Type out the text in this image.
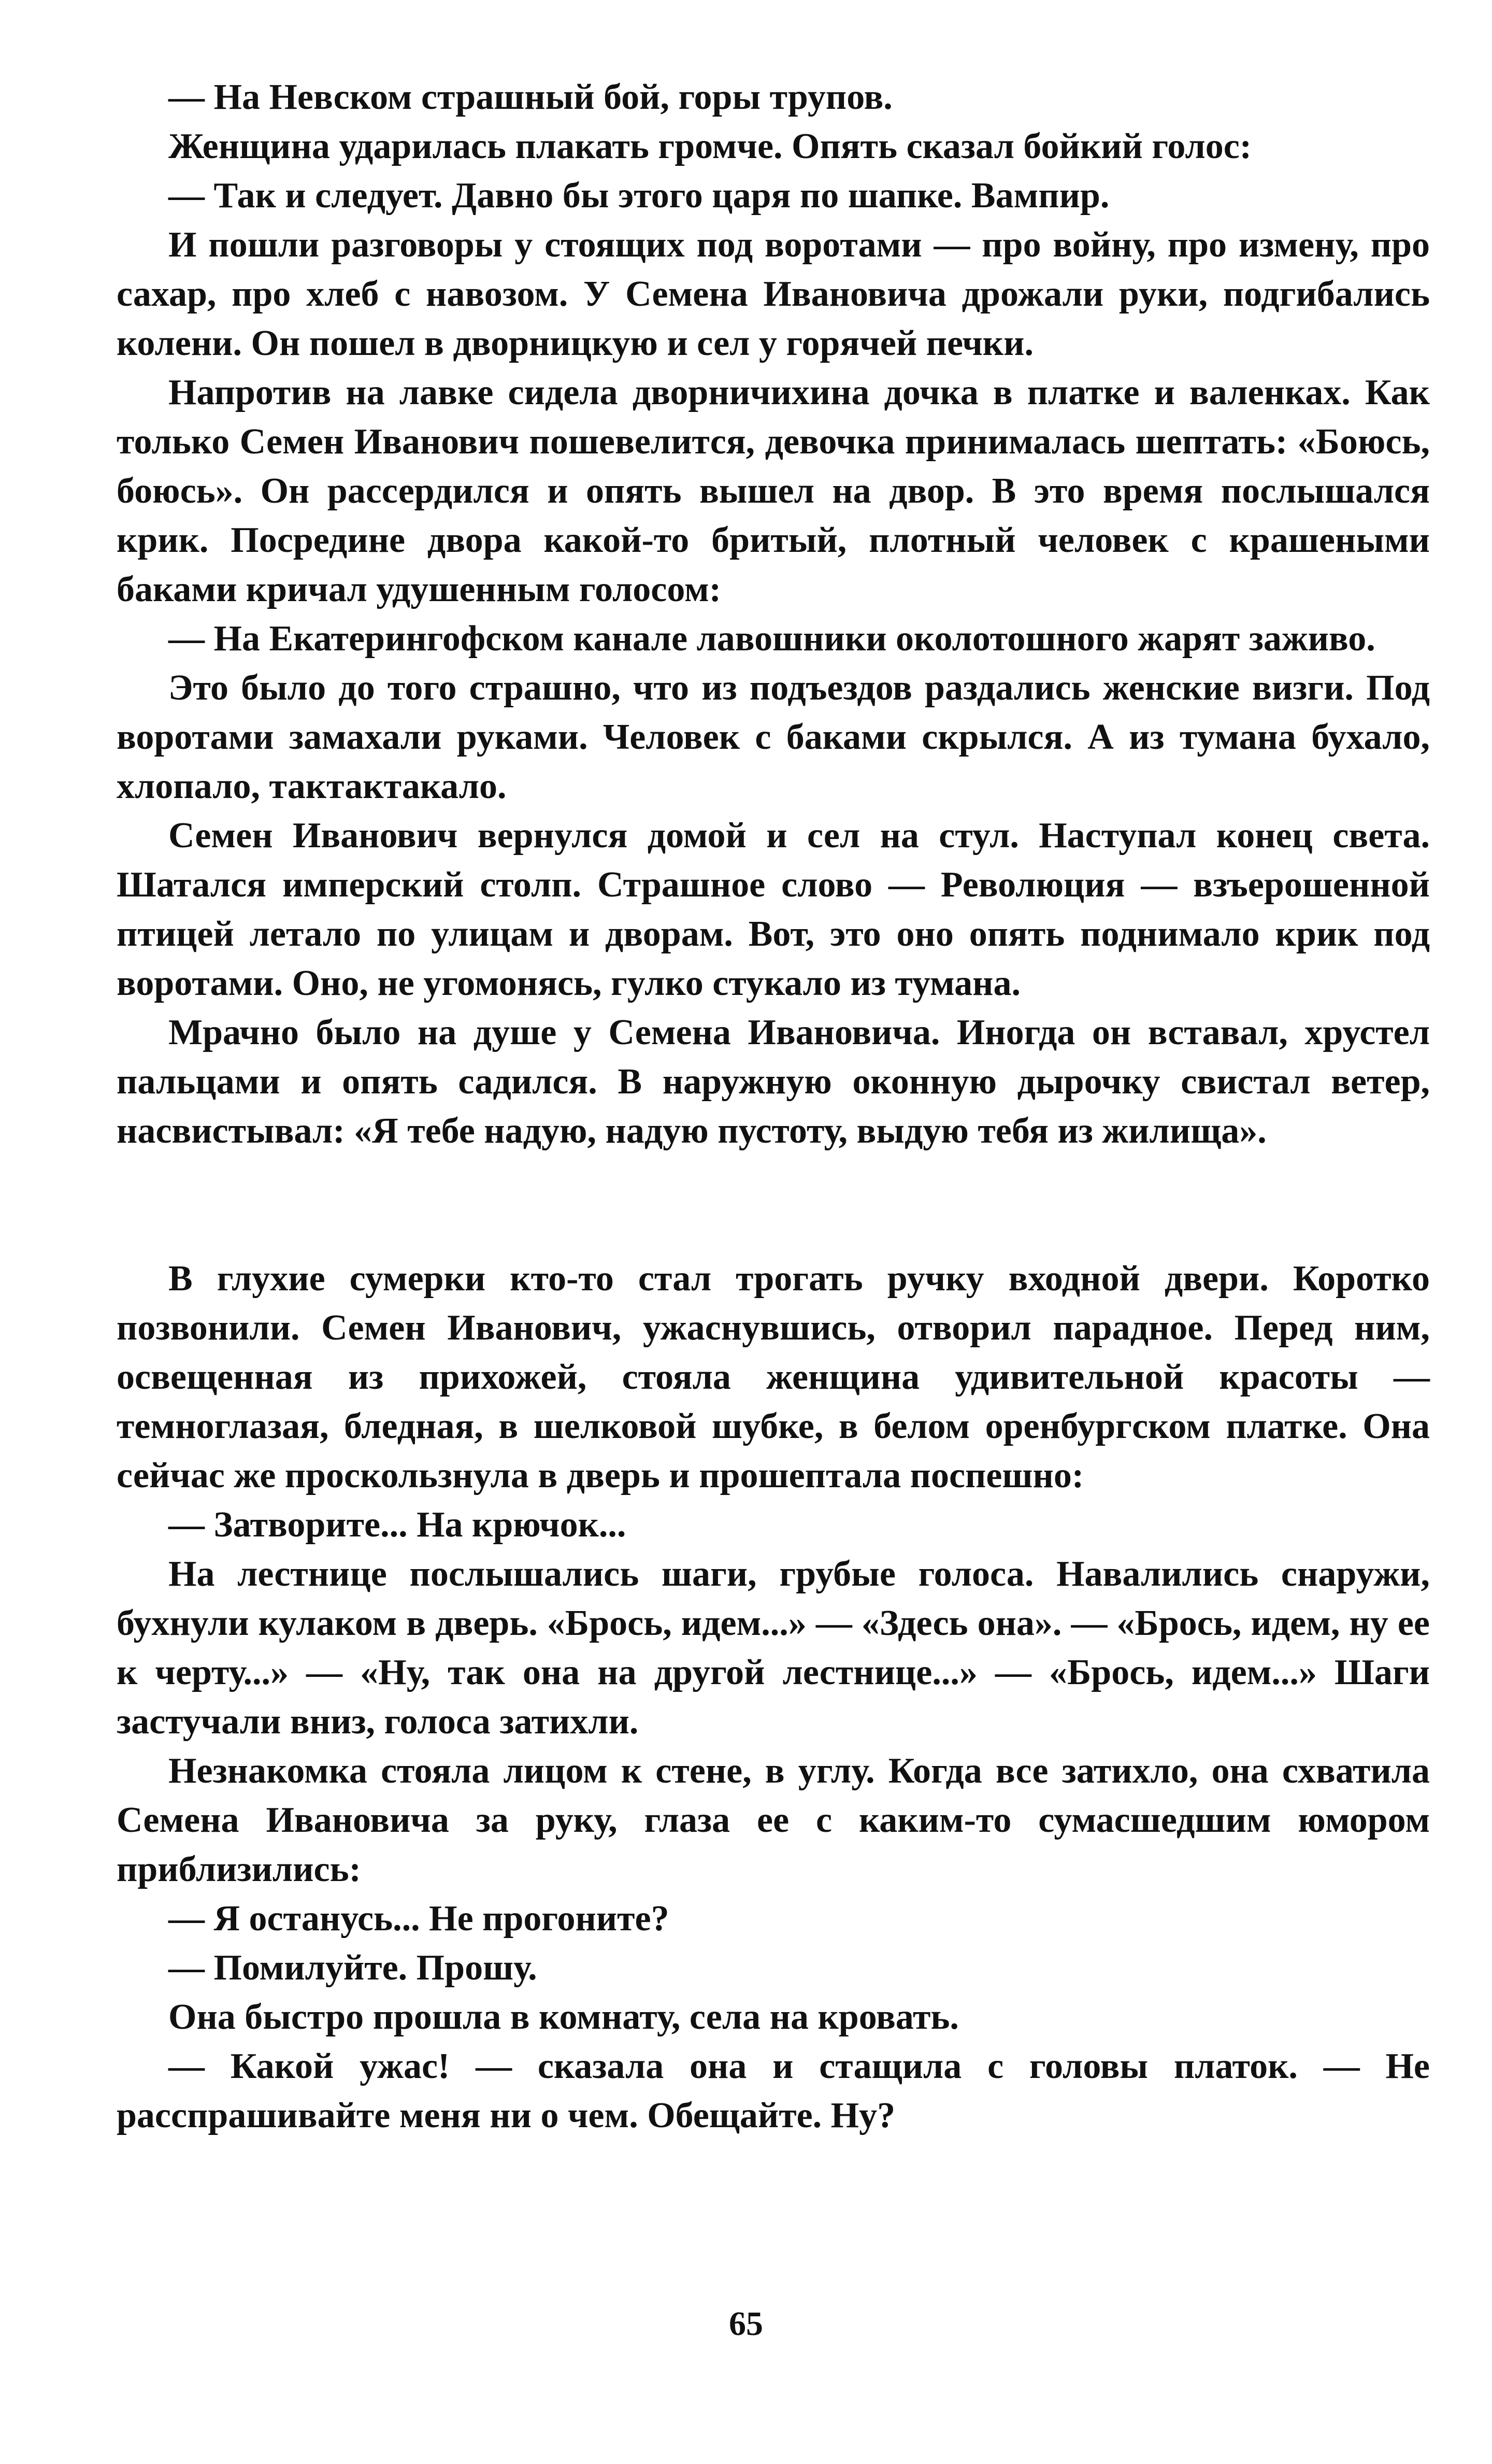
— На Невском страшный бой, горы трупов.

Женщина ударилась плакать громче. Опять сказал бойкий голос:

— Так и следует. Давно бы этого царя по шапке. Вампир.

И пошли разговоры у стоящих под воротами — про войну, про измену, про сахар, про хлеб с навозом. У Семена Ивановича дрожали руки, подгибались колени. Он пошел в дворницкую и сел у горячей печки.

Напротив на лавке сидела дворничихина дочка в платке и валенках. Как только Семен Иванович пошевелится, девочка принималась шептать: «Боюсь, боюсь». Он рассердился и опять вышел на двор. В это время послышался крик. Посредине двора какой-то бритый, плотный человек с крашеными баками кричал удушенным голосом:

— На Екатерингофском канале лавошники околотошного жарят заживо.

Это было до того страшно, что из подъездов раздались женские визги. Под воротами замахали руками. Человек с баками скрылся. А из тумана бухало, хлопало, тактактакало.

Семен Иванович вернулся домой и сел на стул. Наступал конец света. Шатался имперский столп. Страшное слово — Революция — взъерошенной птицей летало по улицам и дворам. Вот, это оно опять поднимало крик под воротами. Оно, не угомонясь, гулко стукало из тумана.

Мрачно было на душе у Семена Ивановича. Иногда он вставал, хрустел пальцами и опять садился. В наружную оконную дырочку свистал ветер, насвистывал: «Я тебе надую, надую пустоту, выдую тебя из жилища».

В глухие сумерки кто-то стал трогать ручку входной двери. Коротко позвонили. Семен Иванович, ужаснувшись, отворил парадное. Перед ним, освещенная из прихожей, стояла женщина удивительной красоты — темноглазая, бледная, в шелковой шубке, в белом оренбургском платке. Она сейчас же проскользнула в дверь и прошептала поспешно:

— Затворите... На крючок...

На лестнице послышались шаги, грубые голоса. Навалились снаружи, бухнули кулаком в дверь. «Брось, идем...» — «Здесь она». — «Брось, идем, ну ее к черту...» — «Ну, так она на другой лестнице...» — «Брось, идем...» Шаги застучали вниз, голоса затихли.

Незнакомка стояла лицом к стене, в углу. Когда все затихло, она схватила Семена Ивановича за руку, глаза ее с каким-то сумасшедшим юмором приблизились:

— Я останусь... Не прогоните?

— Помилуйте. Прошу.

Она быстро прошла в комнату, села на кровать.

— Какой ужас! — сказала она и стащила с головы платок. — Не расспрашивайте меня ни о чем. Обещайте. Ну?

65
